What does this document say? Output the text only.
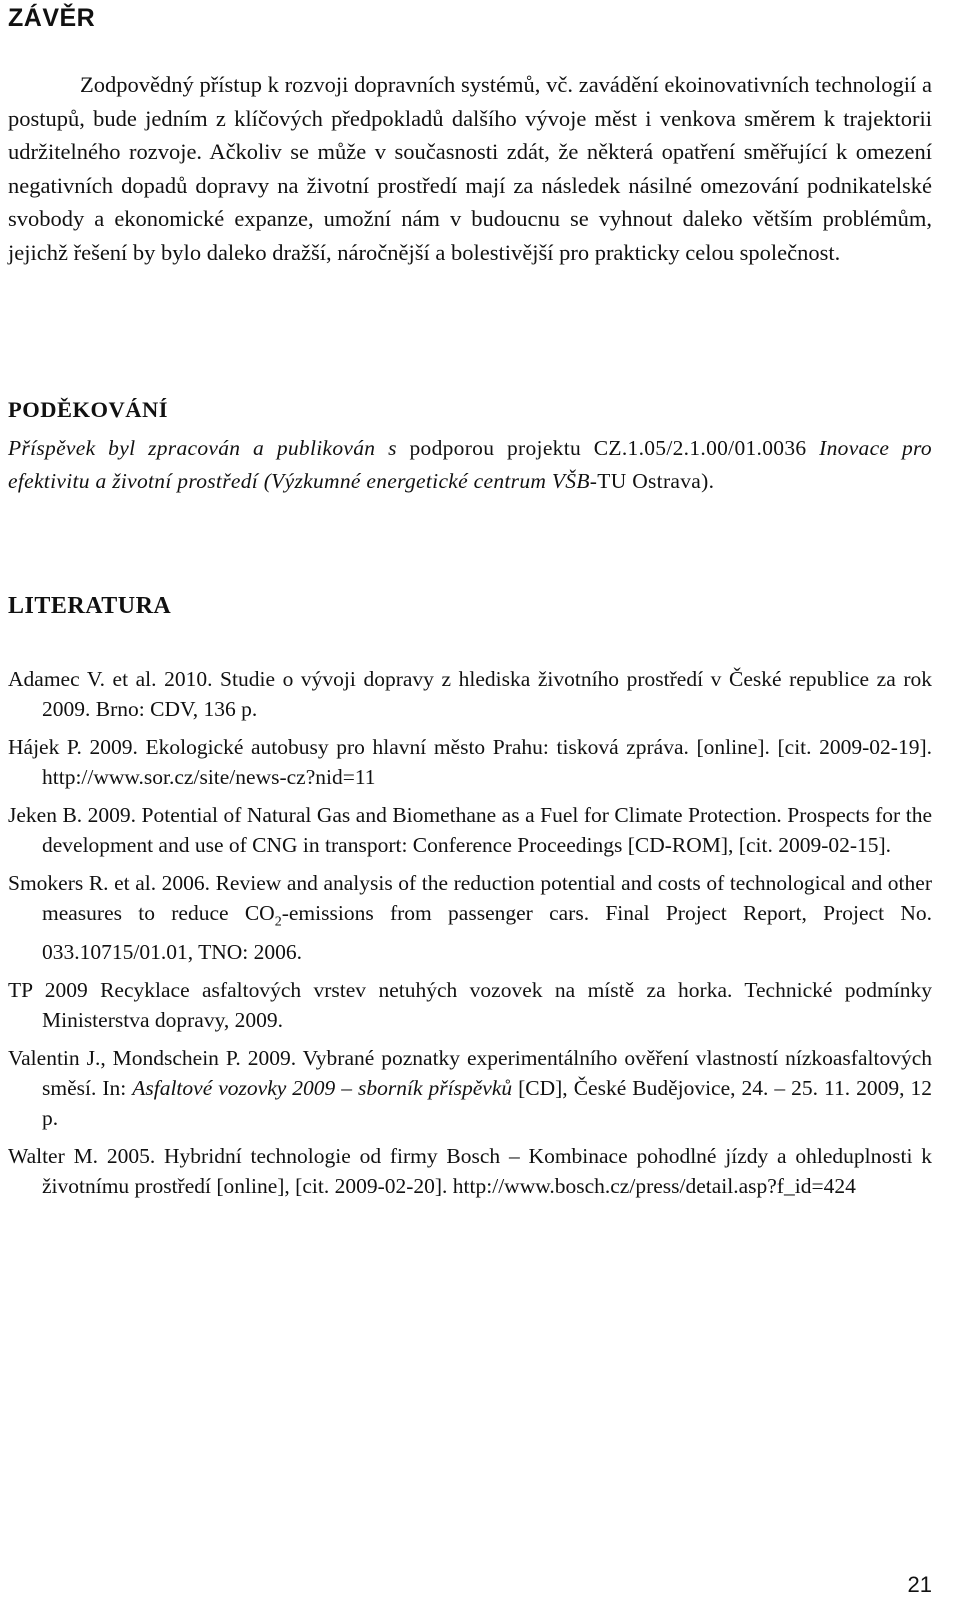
ZÁVĚR

Zodpovědný přístup k rozvoji dopravních systémů, vč. zavádění ekoinovativních technologií a postupů, bude jedním z klíčových předpokladů dalšího vývoje měst i venkova směrem k trajektorii udržitelného rozvoje. Ačkoliv se může v současnosti zdát, že některá opatření směřující k omezení negativních dopadů dopravy na životní prostředí mají za následek násilné omezování podnikatelské svobody a ekonomické expanze, umožní nám v budoucnu se vyhnout daleko větším problémům, jejichž řešení by bylo daleko dražší, náročnější a bolestivější pro prakticky celou společnost.

PODĚKOVÁNÍ

Příspěvek byl zpracován a publikován s podporou projektu CZ.1.05/2.1.00/01.0036 Inovace pro efektivitu a životní prostředí (Výzkumné energetické centrum VŠB-TU Ostrava).

LITERATURA
Adamec V. et al. 2010. Studie o vývoji dopravy z hlediska životního prostředí v České republice za rok 2009. Brno: CDV, 136 p.
Hájek P. 2009. Ekologické autobusy pro hlavní město Prahu: tisková zpráva. [online]. [cit. 2009-02-19]. http://www.sor.cz/site/news-cz?nid=11
Jeken B. 2009. Potential of Natural Gas and Biomethane as a Fuel for Climate Protection. Prospects for the development and use of CNG in transport: Conference Proceedings [CD-ROM], [cit. 2009-02-15].
Smokers R. et al. 2006. Review and analysis of the reduction potential and costs of technological and other measures to reduce $CO_2$-emissions from passenger cars. Final Project Report, Project No. 033.10715/01.01, TNO: 2006.
TP 2009 Recyklace asfaltových vrstev netuhých vozovek na místě za horka. Technické podmínky Ministerstva dopravy, 2009.
Valentin J., Mondschein P. 2009. Vybrané poznatky experimentálního ověření vlastností nízkoasfaltových směsí. In: Asfaltové vozovky 2009 – sborník příspěvků [CD], České Budějovice, 24. – 25. 11. 2009, 12 p.
Walter M. 2005. Hybridní technologie od firmy Bosch – Kombinace pohodlné jízdy a ohleduplnosti k životnímu prostředí [online], [cit. 2009-02-20]. http://www.bosch.cz/press/detail.asp?f_id=424
21
